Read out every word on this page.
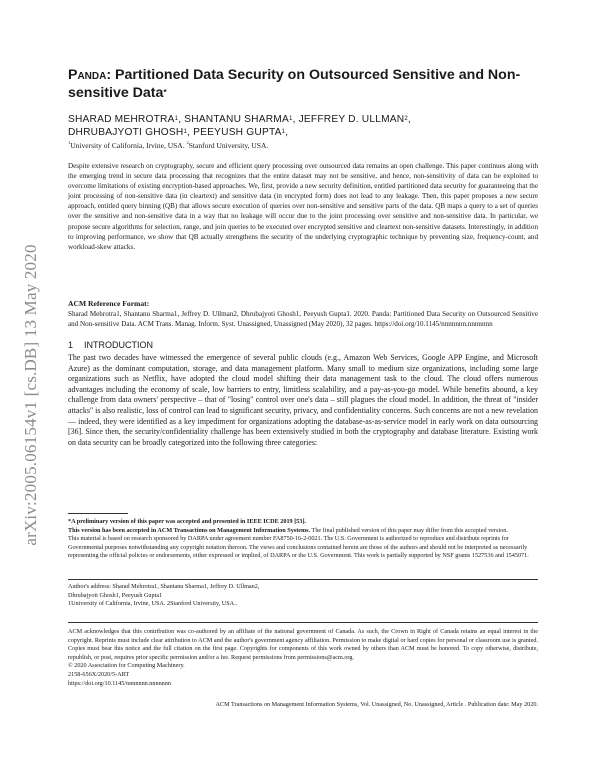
arXiv:2005.06154v1 [cs.DB] 13 May 2020
Panda: Partitioned Data Security on Outsourced Sensitive and Non-sensitive Data*
SHARAD MEHROTRA$^1$, SHANTANU SHARMA$^1$, JEFFREY D. ULLMAN$^2$,
DHRUBAJYOTI GHOSH$^1$, PEEYUSH GUPTA$^1$,
$^1$University of California, Irvine, USA. $^2$Stanford University, USA.
Despite extensive research on cryptography, secure and efficient query processing over outsourced data remains an open challenge. This paper continues along with the emerging trend in secure data processing that recognizes that the entire dataset may not be sensitive, and hence, non-sensitivity of data can be exploited to overcome limitations of existing encryption-based approaches. We, first, provide a new security definition, entitled partitioned data security for guaranteeing that the joint processing of non-sensitive data (in cleartext) and sensitive data (in encrypted form) does not lead to any leakage. Then, this paper proposes a new secure approach, entitled query binning (QB) that allows secure execution of queries over non-sensitive and sensitive parts of the data. QB maps a query to a set of queries over the sensitive and non-sensitive data in a way that no leakage will occur due to the joint processing over sensitive and non-sensitive data. In particular, we propose secure algorithms for selection, range, and join queries to be executed over encrypted sensitive and cleartext non-sensitive datasets. Interestingly, in addition to improving performance, we show that QB actually strengthens the security of the underlying cryptographic technique by preventing size, frequency-count, and workload-skew attacks.
ACM Reference Format:
Sharad Mehrotra1, Shantanu Sharma1, Jeffrey D. Ullman2, Dhrubajyoti Ghosh1, Peeyush Gupta1. 2020. Panda: Partitioned Data Security on Outsourced Sensitive and Non-sensitive Data. ACM Trans. Manag. Inform. Syst. Unassigned, Unassigned (May 2020), 32 pages. https://doi.org/10.1145/nnnnnnn.nnnnnnn
1 INTRODUCTION
The past two decades have witnessed the emergence of several public clouds (e.g., Amazon Web Services, Google APP Engine, and Microsoft Azure) as the dominant computation, storage, and data management platform. Many small to medium size organizations, including some large organizations such as Netflix, have adopted the cloud model shifting their data management task to the cloud. The cloud offers numerous advantages including the economy of scale, low barriers to entry, limitless scalability, and a pay-as-you-go model. While benefits abound, a key challenge from data owners' perspective – that of "losing" control over one's data – still plagues the cloud model. In addition, the threat of "insider attacks" is also realistic, loss of control can lead to significant security, privacy, and confidentiality concerns. Such concerns are not a new revelation — indeed, they were identified as a key impediment for organizations adopting the database-as-as-service model in early work on data outsourcing [36]. Since then, the security/confidentiality challenge has been extensively studied in both the cryptography and database literature. Existing work on data security can be broadly categorized into the following three categories:

*A preliminary version of this paper was accepted and presented in IEEE ICDE 2019 [53].

This version has been accepted in ACM Transactions on Management Information Systems. The final published version of this paper may differ from this accepted version.

This material is based on research sponsored by DARPA under agreement number FA8750-16-2-0021. The U.S. Government is authorized to reproduce and distribute reprints for Governmental purposes notwithstanding any copyright notation thereon. The views and conclusions contained herein are those of the authors and should not be interpreted as necessarily representing the official policies or endorsements, either expressed or implied, of DARPA or the U.S. Government. This work is partially supported by NSF grants 1527536 and 1545071.

Author's address: Sharad Mehrotra1, Shantanu Sharma1, Jeffrey D. Ullman2,

Dhrubajyoti Ghosh1, Peeyush Gupta1

1University of California, Irvine, USA. 2Stanford University, USA..

ACM acknowledges that this contribution was co-authored by an affiliate of the national government of Canada. As such, the Crown in Right of Canada retains an equal interest in the copyright. Reprints must include clear attribution to ACM and the author's government agency affiliation. Permission to make digital or hard copies for personal or classroom use is granted. Copies must bear this notice and the full citation on the first page. Copyrights for components of this work owned by others than ACM must be honored. To copy otherwise, distribute, republish, or post, requires prior specific permission and/or a fee. Request permissions from permissions@acm.org.

© 2020 Association for Computing Machinery.

2158-656X/2020/5-ART

https://doi.org/10.1145/nnnnnnn.nnnnnnn

ACM Transactions on Management Information Systems, Vol. Unassigned, No. Unassigned, Article . Publication date: May 2020.
